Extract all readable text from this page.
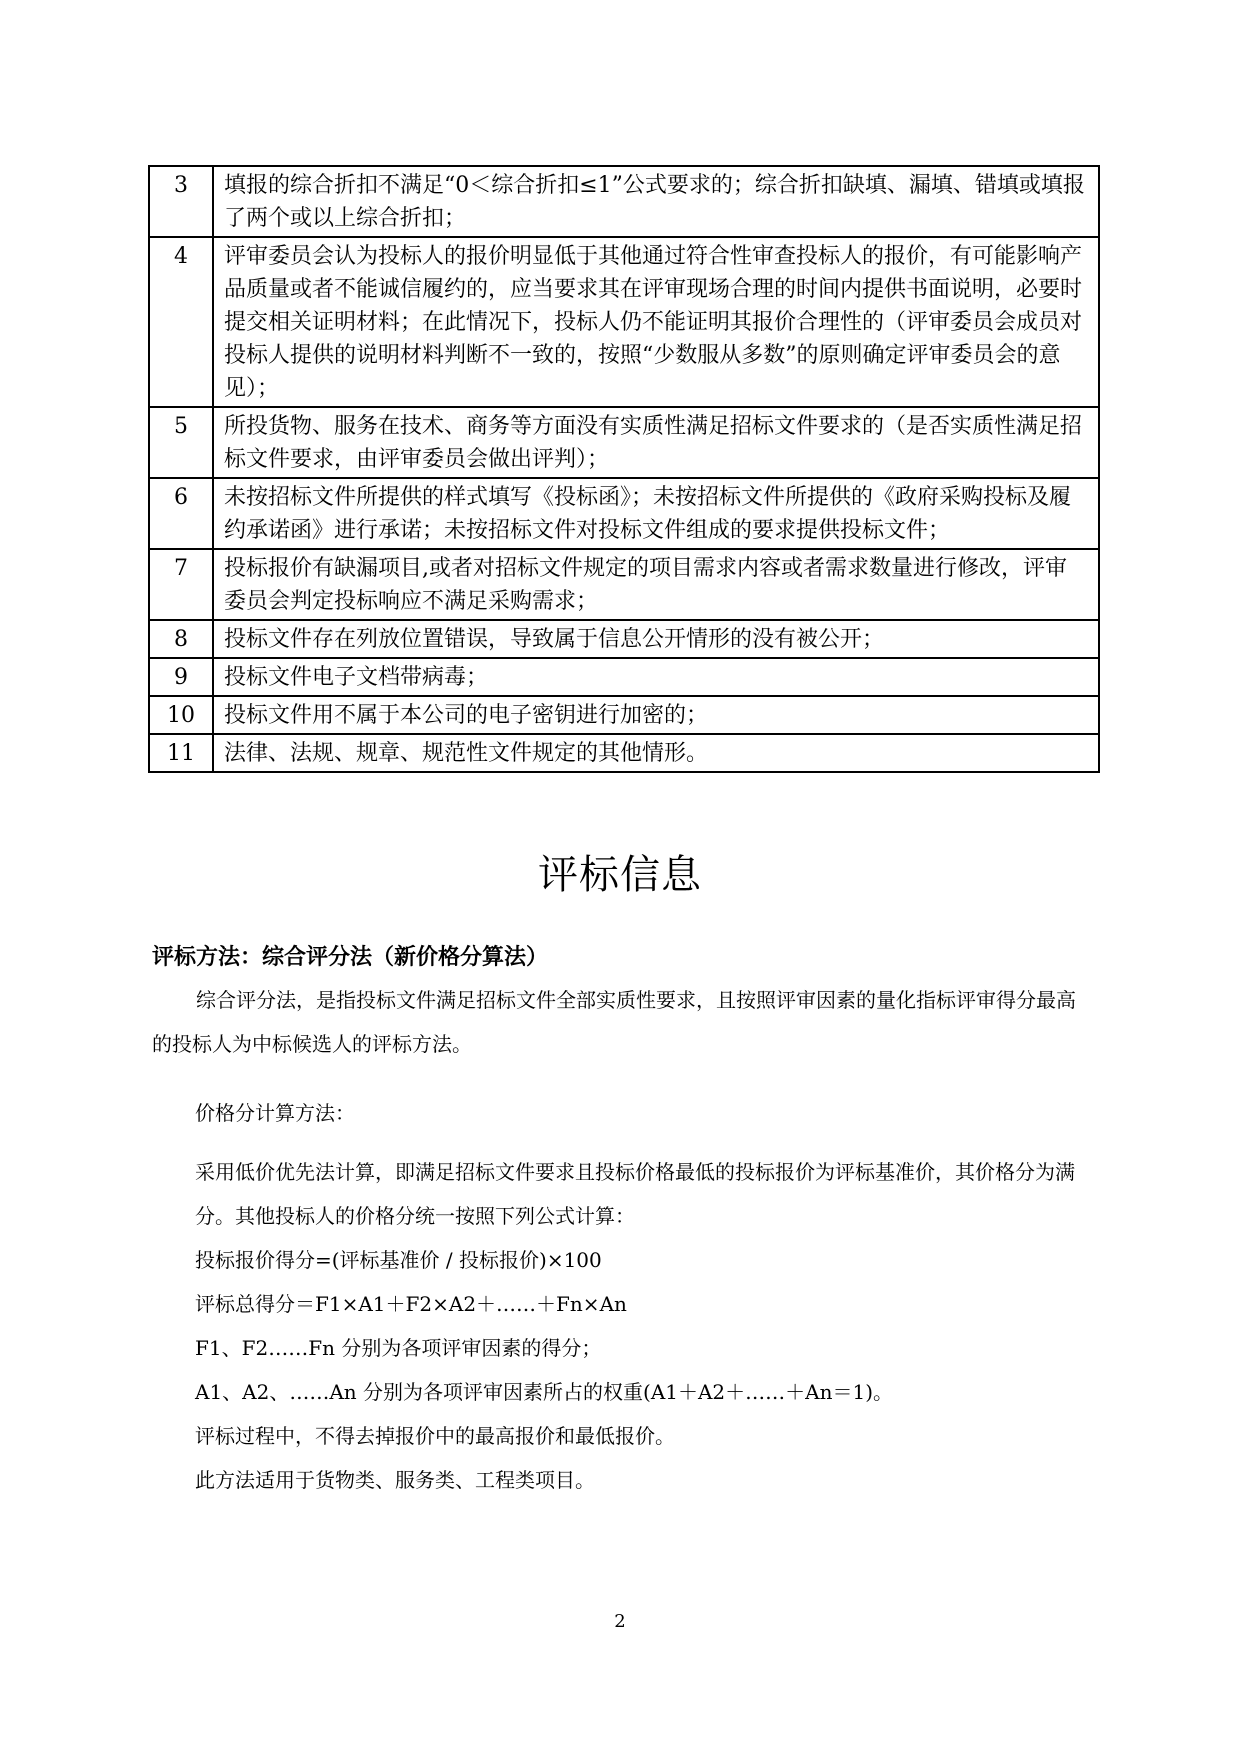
3	填报的综合折扣不满足“0＜综合折扣≤1”公式要求的；综合折扣缺填、漏填、错填或填报了两个或以上综合折扣；
4	评审委员会认为投标人的报价明显低于其他通过符合性审查投标人的报价，有可能影响产品质量或者不能诚信履约的，应当要求其在评审现场合理的时间内提供书面说明，必要时提交相关证明材料；在此情况下，投标人仍不能证明其报价合理性的（评审委员会成员对投标人提供的说明材料判断不一致的，按照“少数服从多数”的原则确定评审委员会的意见）；
5	所投货物、服务在技术、商务等方面没有实质性满足招标文件要求的（是否实质性满足招标文件要求，由评审委员会做出评判）；
6	未按招标文件所提供的样式填写《投标函》；未按招标文件所提供的《政府采购投标及履约承诺函》进行承诺；未按招标文件对投标文件组成的要求提供投标文件；
7	投标报价有缺漏项目,或者对招标文件规定的项目需求内容或者需求数量进行修改，评审委员会判定投标响应不满足采购需求；
8	投标文件存在列放位置错误，导致属于信息公开情形的没有被公开；
9	投标文件电子文档带病毒；
10	投标文件用不属于本公司的电子密钥进行加密的；
11	法律、法规、规章、规范性文件规定的其他情形。
评标信息
评标方法：综合评分法（新价格分算法）
综合评分法，是指投标文件满足招标文件全部实质性要求，且按照评审因素的量化指标评审得分最高的投标人为中标候选人的评标方法。
价格分计算方法：

采用低价优先法计算，即满足招标文件要求且投标价格最低的投标报价为评标基准价，其价格分为满分。其他投标人的价格分统一按照下列公式计算：

投标报价得分=(评标基准价 / 投标报价)×100

评标总得分＝F1×A1＋F2×A2＋……＋Fn×An

F1、F2……Fn 分别为各项评审因素的得分；

A1、A2、……An 分别为各项评审因素所占的权重(A1＋A2＋……＋An＝1)。

评标过程中，不得去掉报价中的最高报价和最低报价。

此方法适用于货物类、服务类、工程类项目。

2
